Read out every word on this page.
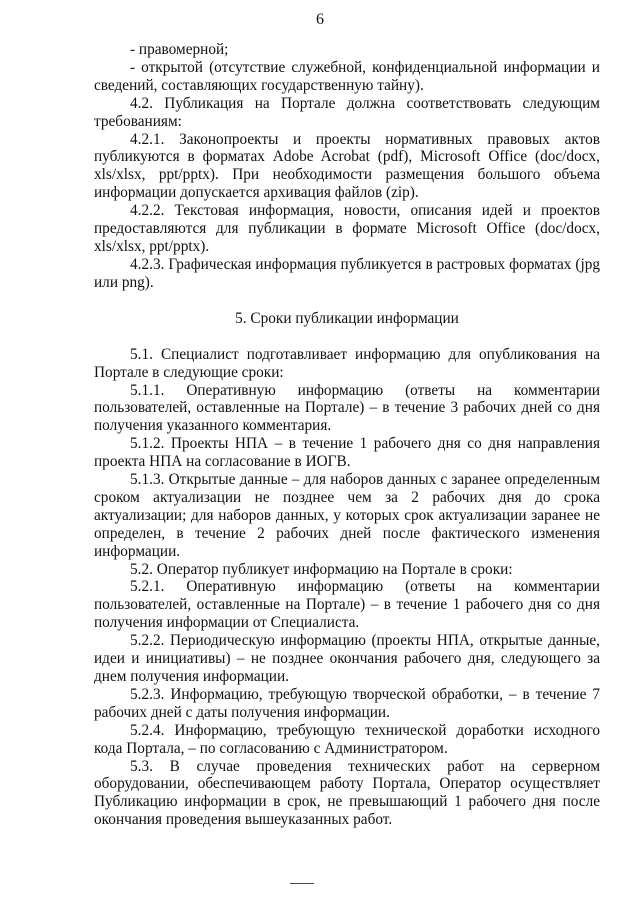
6

- правомерной;

- открытой (отсутствие служебной, конфиденциальной информации и сведений, составляющих государственную тайну).

4.2. Публикация на Портале должна соответствовать следующим требованиям:

4.2.1. Законопроекты и проекты нормативных правовых актов публикуются в форматах Adobe Acrobat (pdf), Microsoft Office (doc/docx, xls/xlsx, ppt/pptx). При необходимости размещения большого объема информации допускается архивация файлов (zip).

4.2.2. Текстовая информация, новости, описания идей и проектов предоставляются для публикации в формате Microsoft Office (doc/docx, xls/xlsx, ppt/pptx).

4.2.3. Графическая информация публикуется в растровых форматах (jpg или png).

5. Сроки публикации информации

5.1. Специалист подготавливает информацию для опубликования на Портале в следующие сроки:

5.1.1. Оперативную информацию (ответы на комментарии пользователей, оставленные на Портале) – в течение 3 рабочих дней со дня получения указанного комментария.

5.1.2. Проекты НПА – в течение 1 рабочего дня со дня направления проекта НПА на согласование в ИОГВ.

5.1.3. Открытые данные – для наборов данных с заранее определенным сроком актуализации не позднее чем за 2 рабочих дня до срока актуализации; для наборов данных, у которых срок актуализации заранее не определен, в течение 2 рабочих дней после фактического изменения информации.

5.2. Оператор публикует информацию на Портале в сроки:

5.2.1. Оперативную информацию (ответы на комментарии пользователей, оставленные на Портале) – в течение 1 рабочего дня со дня получения информации от Специалиста.

5.2.2. Периодическую информацию (проекты НПА, открытые данные, идеи и инициативы) – не позднее окончания рабочего дня, следующего за днем получения информации.

5.2.3. Информацию, требующую творческой обработки, – в течение 7 рабочих дней с даты получения информации.

5.2.4. Информацию, требующую технической доработки исходного кода Портала, – по согласованию с Администратором.

5.3. В случае проведения технических работ на серверном оборудовании, обеспечивающем работу Портала, Оператор осуществляет Публикацию информации в срок, не превышающий 1 рабочего дня после окончания проведения вышеуказанных работ.
